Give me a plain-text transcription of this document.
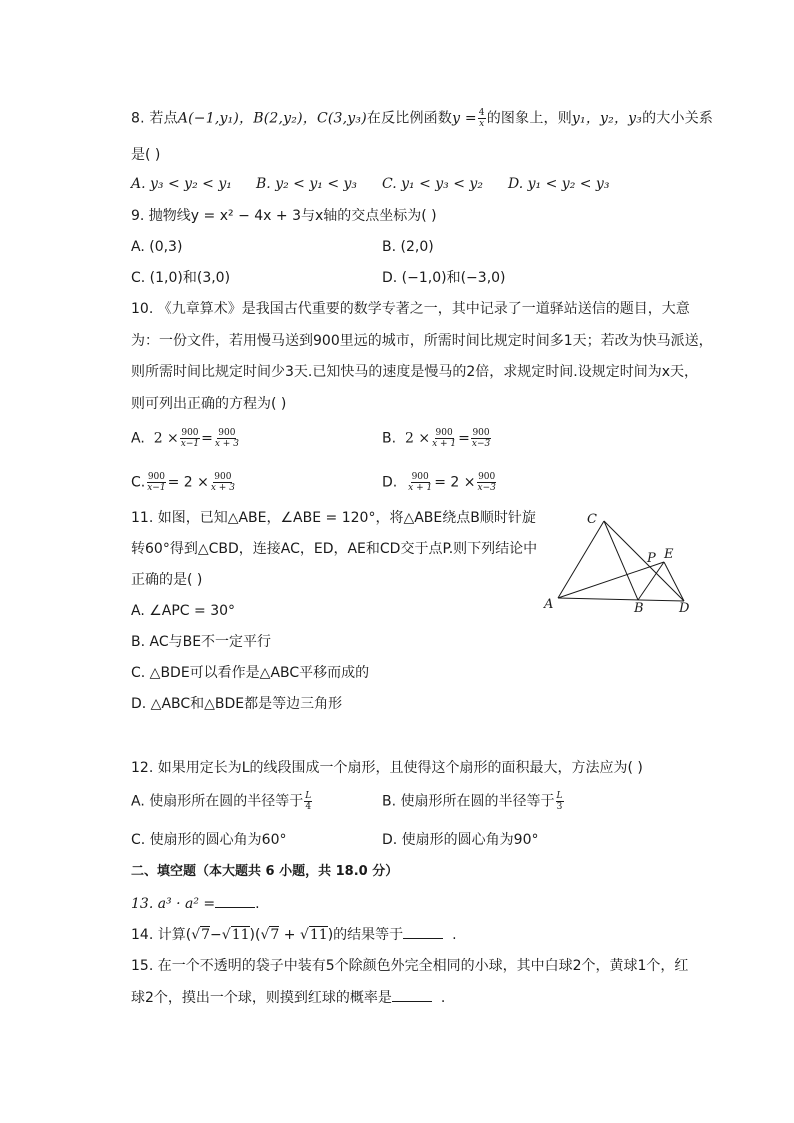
8. 若点A(−1,y₁)，B(2,y₂)，C(3,y₃)在反比例函数$y = \frac{4}{x}$ 的图象上，则y₁，y₂，y₃的大小关系
是( )
A. y₃ < y₂ < y₁ B. y₂ < y₁ < y₃ C. y₁ < y₃ < y₂ D. y₁ < y₂ < y₃
9. 抛物线y = x² − 4x + 3与x轴的交点坐标为( )
A. (0,3)	B. (2,0)
C. (1,0)和(3,0)	D. (−1,0)和(−3,0)
10. 《九章算术》是我国古代重要的数学专著之一，其中记录了一道驿站送信的题目，大意
为：一份文件，若用慢马送到900里远的城市，所需时间比规定时间多1天；若改为快马派送，
则所需时间比规定时间少3天.已知快马的速度是慢马的2倍，求规定时间.设规定时间为x天，
则可列出正确的方程为( )
A. $2 \times \frac{900}{x-1} = \frac{900}{x + 3}$	B. $2 \times \frac{900}{x + 1} = \frac{900}{x-3}$
C. $\frac{900}{x-1} = 2 \times \frac{900}{x + 3}$	D. $\frac{900}{x + 1} = 2 \times \frac{900}{x-3}$
11. 如图，已知△ABE，∠ABE = 120°，将△ABE绕点B顺时针旋
转60°得到△CBD，连接AC，ED，AE和CD交于点P.则下列结论中
正确的是( )
A. ∠APC = 30°
B. AC与BE不一定平行
C. △BDE可以看作是△ABC平移而成的
D. △ABC和△BDE都是等边三角形
C
P E
A	B	D
12. 如果用定长为L的线段围成一个扇形，且使得这个扇形的面积最大，方法应为( )
A. 使扇形所在圆的半径等于 $\frac{L}{4}$	B. 使扇形所在圆的半径等于 $\frac{L}{3}$
C. 使扇形的圆心角为60°	D. 使扇形的圆心角为90°
二、填空题（本大题共 6 小题，共 18.0 分）
13. a³ · a² =	.
14. 计算(√7−√11)(√7 + √11)的结果等于	.
15. 在一个不透明的袋子中装有5个除颜色外完全相同的小球，其中白球2个，黄球1个，红
球2个，摸出一个球，则摸到红球的概率是	.
